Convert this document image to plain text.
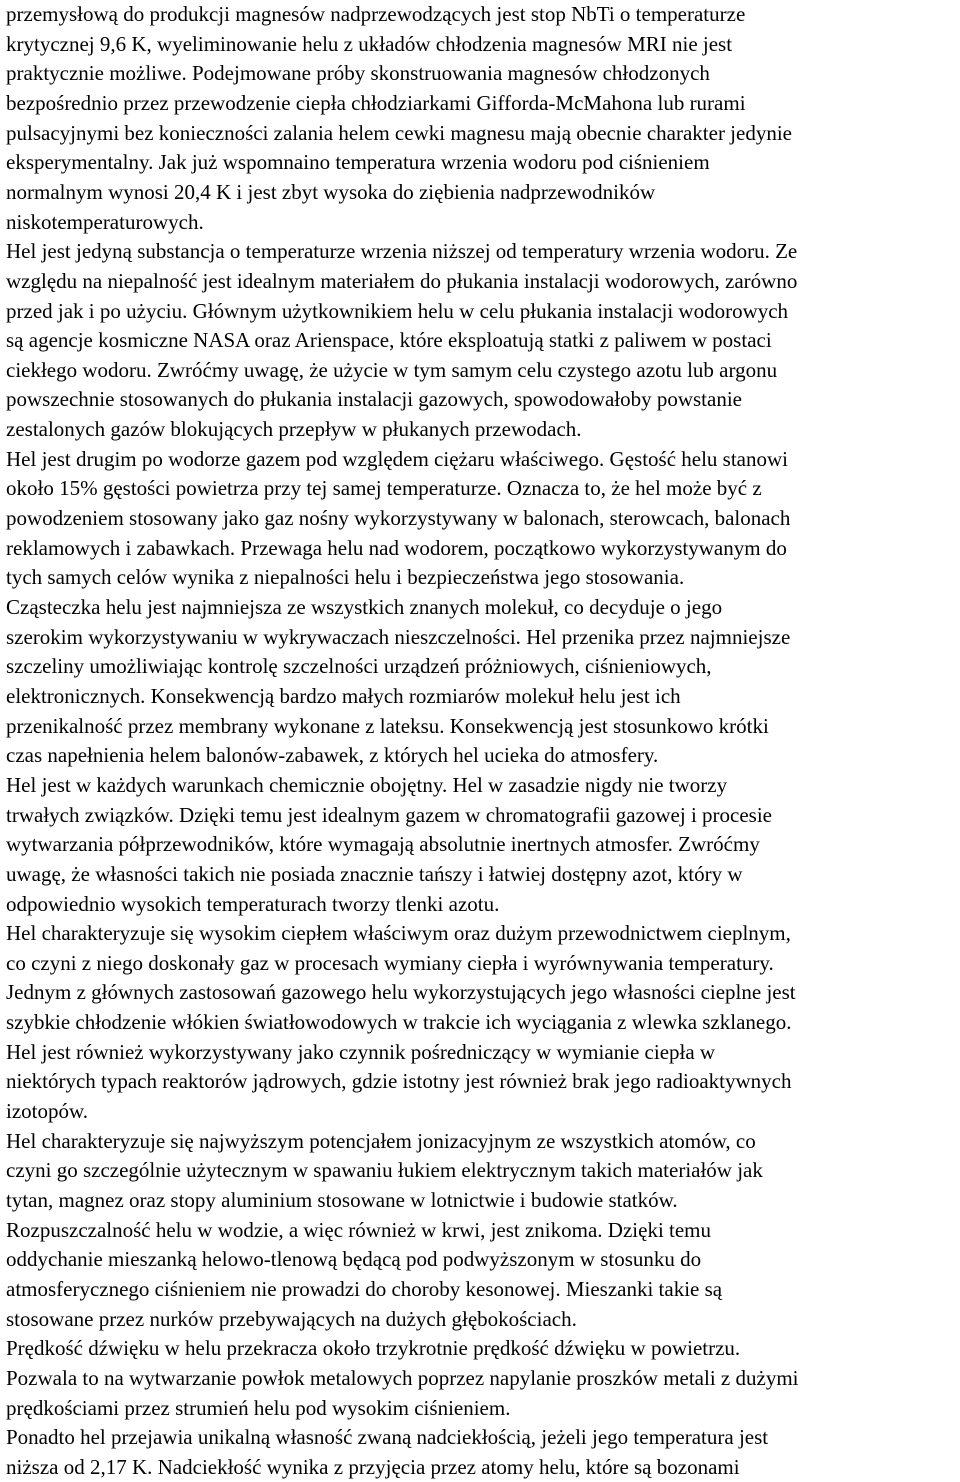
przemysłową do produkcji magnesów nadprzewodzących jest stop NbTi o temperaturze
krytycznej 9,6 K, wyeliminowanie helu z układów chłodzenia magnesów MRI nie jest
praktycznie możliwe. Podejmowane próby skonstruowania magnesów chłodzonych
bezpośrednio przez przewodzenie ciepła chłodziarkami Gifforda-McMahona lub rurami
pulsacyjnymi bez konieczności zalania helem cewki magnesu mają obecnie charakter jedynie
eksperymentalny. Jak już wspomnaino temperatura wrzenia wodoru pod ciśnieniem
normalnym wynosi 20,4 K i jest zbyt wysoka do ziębienia nadprzewodników
niskotemperaturowych.
Hel jest jedyną substancja o temperaturze wrzenia niższej od temperatury wrzenia wodoru. Ze
względu na niepalność jest idealnym materiałem do płukania instalacji wodorowych, zarówno
przed jak i po użyciu. Głównym użytkownikiem helu w celu płukania instalacji wodorowych
są agencje kosmiczne NASA oraz Arienspace, które eksploatują statki z paliwem w postaci
ciekłego wodoru. Zwróćmy uwagę, że użycie w tym samym celu czystego azotu lub argonu
powszechnie stosowanych do płukania instalacji gazowych, spowodowałoby powstanie
zestalonych gazów blokujących przepływ w płukanych przewodach.
Hel jest drugim po wodorze gazem pod względem ciężaru właściwego. Gęstość helu stanowi
około 15% gęstości powietrza przy tej samej temperaturze. Oznacza to, że hel może być z
powodzeniem stosowany jako gaz nośny wykorzystywany w balonach, sterowcach, balonach
reklamowych i zabawkach. Przewaga helu nad wodorem, początkowo wykorzystywanym do
tych samych celów wynika z niepalności helu i bezpieczeństwa jego stosowania.
Cząsteczka helu jest najmniejsza ze wszystkich znanych molekuł, co decyduje o jego
szerokim wykorzystywaniu w wykrywaczach nieszczelności. Hel przenika przez najmniejsze
szczeliny umożliwiając kontrolę szczelności urządzeń próżniowych, ciśnieniowych,
elektronicznych. Konsekwencją bardzo małych rozmiarów molekuł helu jest ich
przenikalność przez membrany wykonane z lateksu. Konsekwencją jest stosunkowo krótki
czas napełnienia helem balonów-zabawek, z których hel ucieka do atmosfery.
Hel jest w każdych warunkach chemicznie obojętny. Hel w zasadzie nigdy nie tworzy
trwałych związków. Dzięki temu jest idealnym gazem w chromatografii gazowej i procesie
wytwarzania półprzewodników, które wymagają absolutnie inertnych atmosfer. Zwróćmy
uwagę, że własności takich nie posiada znacznie tańszy i łatwiej dostępny azot, który w
odpowiednio wysokich temperaturach tworzy tlenki azotu.
Hel charakteryzuje się wysokim ciepłem właściwym oraz dużym przewodnictwem cieplnym,
co czyni z niego doskonały gaz w procesach wymiany ciepła i wyrównywania temperatury.
Jednym z głównych zastosowań gazowego helu wykorzystujących jego własności cieplne jest
szybkie chłodzenie włókien światłowodowych w trakcie ich wyciągania z wlewka szklanego.
Hel jest również wykorzystywany jako czynnik pośredniczący w wymianie ciepła w
niektórych typach reaktorów jądrowych, gdzie istotny jest również brak jego radioaktywnych
izotopów.
Hel charakteryzuje się najwyższym potencjałem jonizacyjnym ze wszystkich atomów, co
czyni go szczególnie użytecznym w spawaniu łukiem elektrycznym takich materiałów jak
tytan, magnez oraz stopy aluminium stosowane w lotnictwie i budowie statków.
Rozpuszczalność helu w wodzie, a więc również w krwi, jest znikoma. Dzięki temu
oddychanie mieszanką helowo-tlenową będącą pod podwyższonym w stosunku do
atmosferycznego ciśnieniem nie prowadzi do choroby kesonowej. Mieszanki takie są
stosowane przez nurków przebywających na dużych głębokościach.
Prędkość dźwięku w helu przekracza około trzykrotnie prędkość dźwięku w powietrzu.
Pozwala to na wytwarzanie powłok metalowych poprzez napylanie proszków metali z dużymi
prędkościami przez strumień helu pod wysokim ciśnieniem.
Ponadto hel przejawia unikalną własność zwaną nadciekłością, jeżeli jego temperatura jest
niższa od 2,17 K. Nadciekłość wynika z przyjęcia przez atomy helu, które są bozonami
